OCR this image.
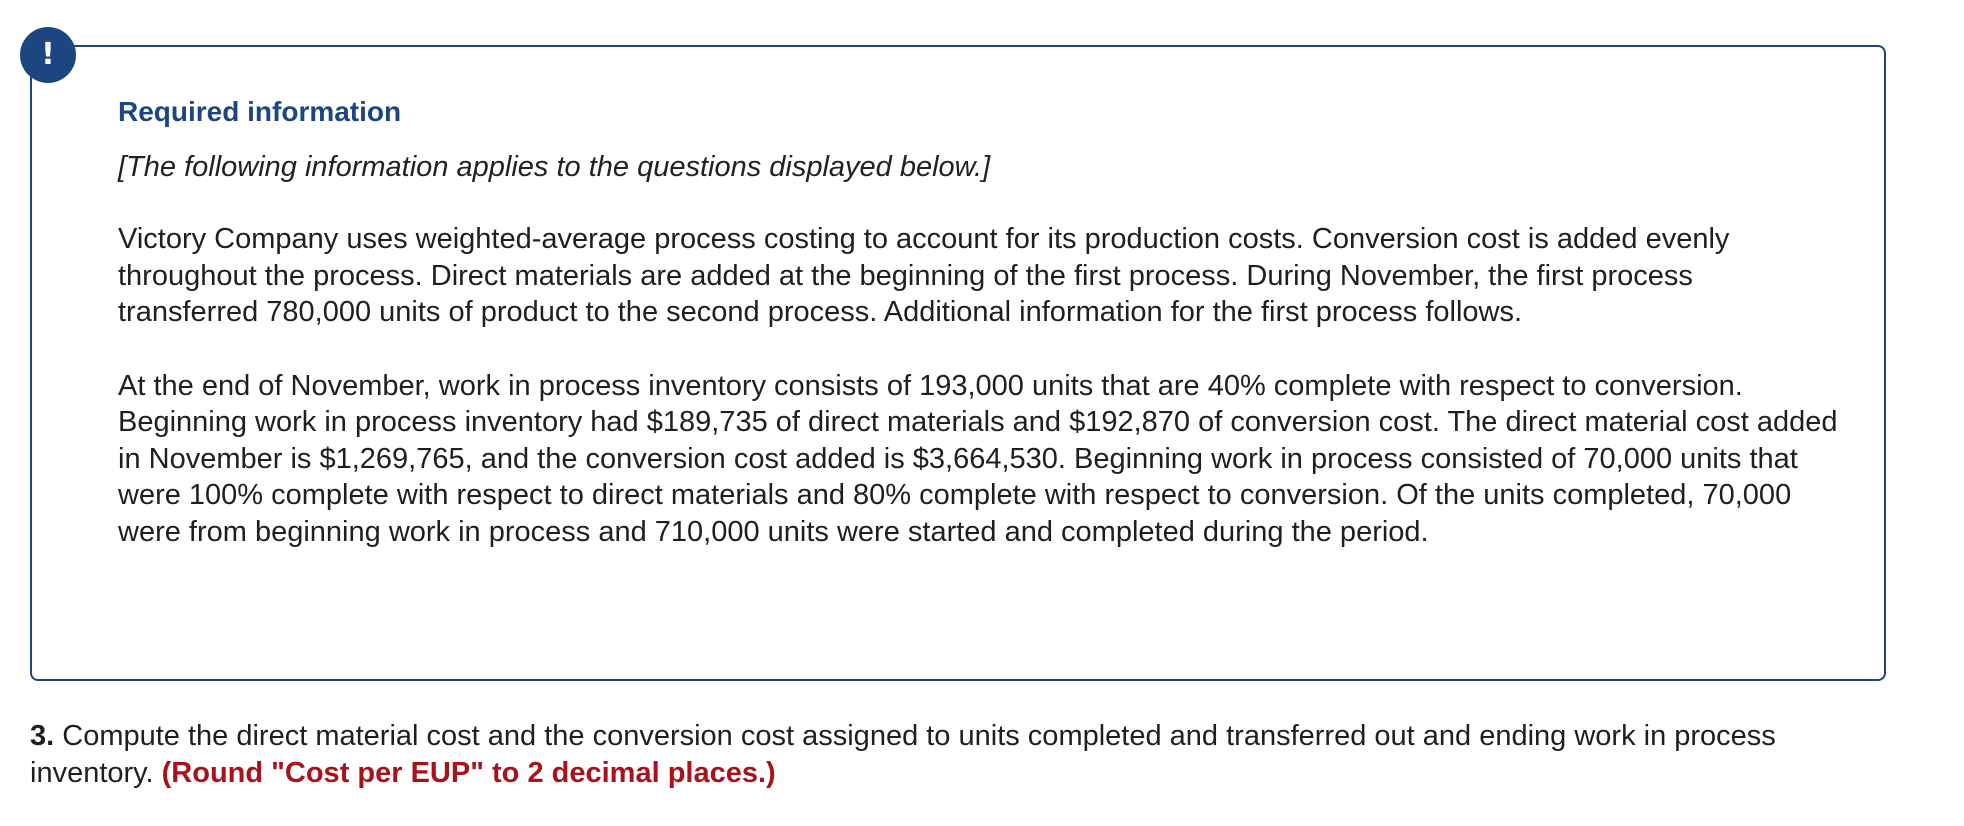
!
Required information

[The following information applies to the questions displayed below.]

Victory Company uses weighted-average process costing to account for its production costs. Conversion cost is added evenly throughout the process. Direct materials are added at the beginning of the first process. During November, the first process transferred 780,000 units of product to the second process. Additional information for the first process follows.

At the end of November, work in process inventory consists of 193,000 units that are 40% complete with respect to conversion. Beginning work in process inventory had $189,735 of direct materials and $192,870 of conversion cost. The direct material cost added in November is $1,269,765, and the conversion cost added is $3,664,530. Beginning work in process consisted of 70,000 units that were 100% complete with respect to direct materials and 80% complete with respect to conversion. Of the units completed, 70,000 were from beginning work in process and 710,000 units were started and completed during the period.

3. Compute the direct material cost and the conversion cost assigned to units completed and transferred out and ending work in process inventory. (Round "Cost per EUP" to 2 decimal places.)
